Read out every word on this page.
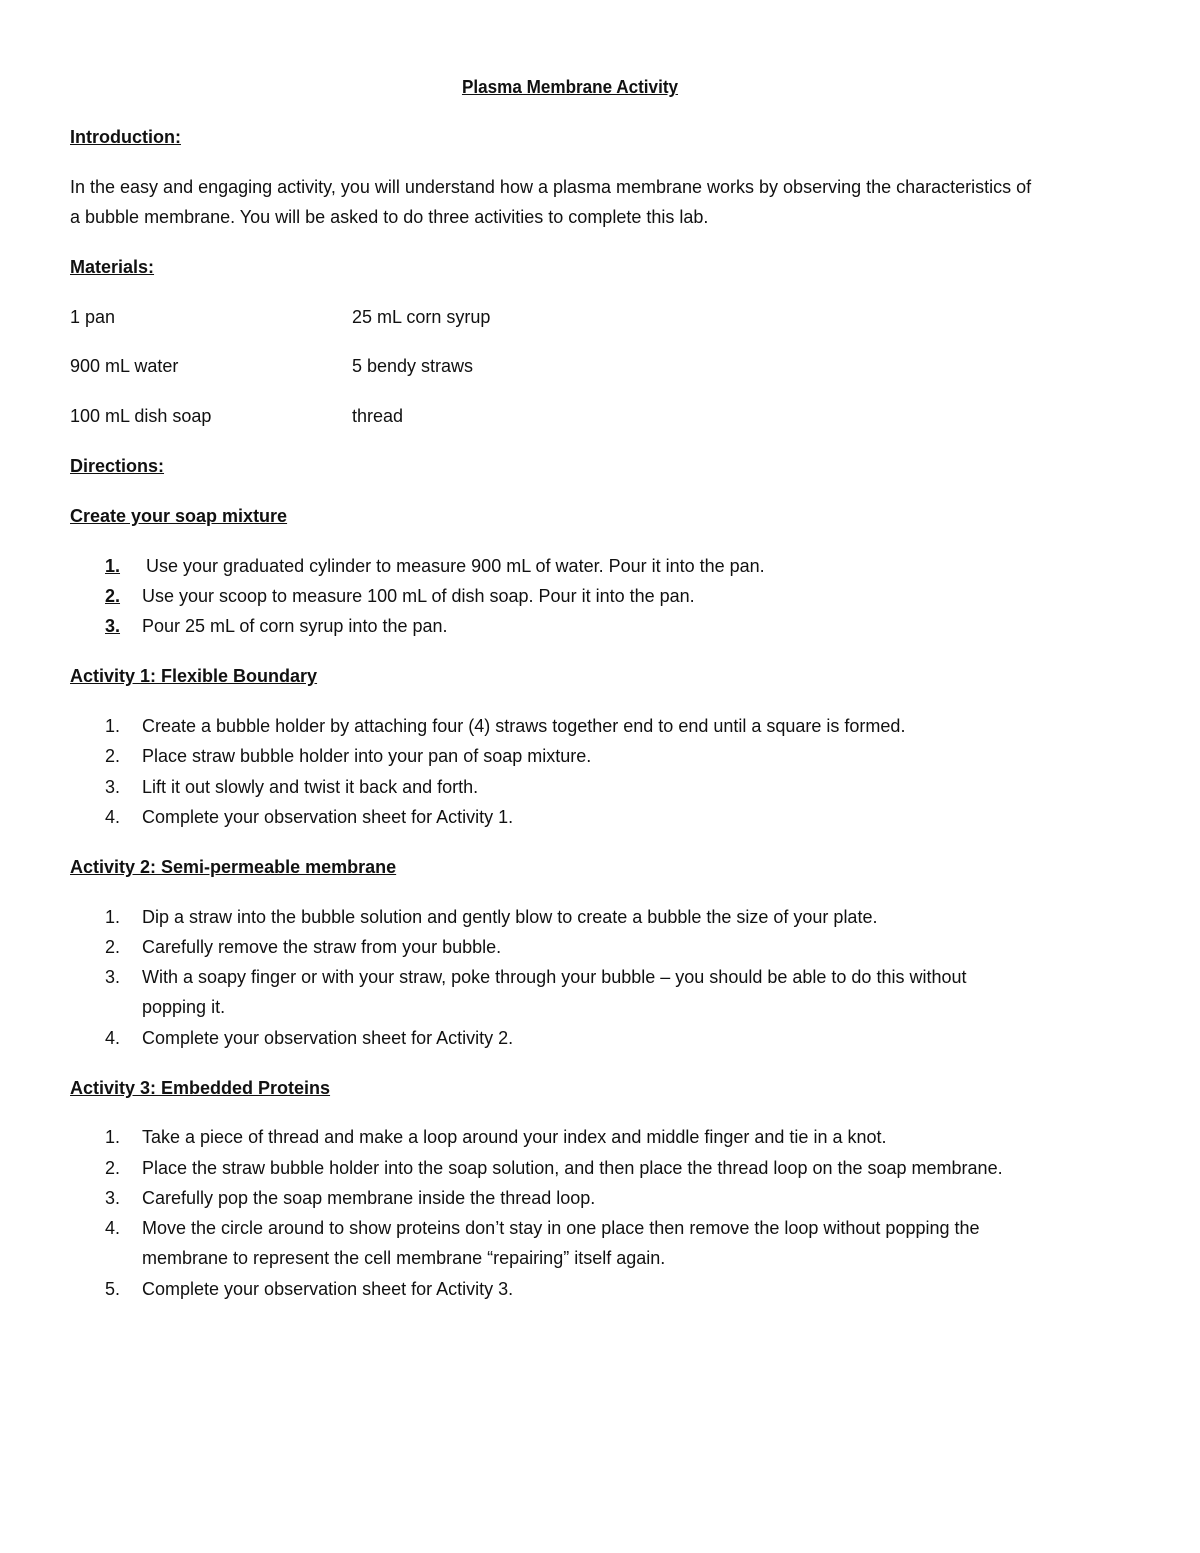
Plasma Membrane Activity
Introduction:
In the easy and engaging activity, you will understand how a plasma membrane works by observing the characteristics of
a bubble membrane. You will be asked to do three activities to complete this lab.
Materials:
1 pan	25 mL corn syrup
900 mL water	5 bendy straws
100 mL dish soap	thread
Directions:
Create your soap mixture
1.	Use your graduated cylinder to measure 900 mL of water. Pour it into the pan.
2.	Use your scoop to measure 100 mL of dish soap. Pour it into the pan.
3.	Pour 25 mL of corn syrup into the pan.
Activity 1: Flexible Boundary
1. Create a bubble holder by attaching four (4) straws together end to end until a square is formed.
2. Place straw bubble holder into your pan of soap mixture.
3. Lift it out slowly and twist it back and forth.
4. Complete your observation sheet for Activity 1.
Activity 2: Semi-permeable membrane
1. Dip a straw into the bubble solution and gently blow to create a bubble the size of your plate.
2. Carefully remove the straw from your bubble.
3. With a soapy finger or with your straw, poke through your bubble – you should be able to do this without
popping it.
4. Complete your observation sheet for Activity 2.
Activity 3: Embedded Proteins
1. Take a piece of thread and make a loop around your index and middle finger and tie in a knot.
2. Place the straw bubble holder into the soap solution, and then place the thread loop on the soap membrane.
3. Carefully pop the soap membrane inside the thread loop.
4. Move the circle around to show proteins don’t stay in one place then remove the loop without popping the
membrane to represent the cell membrane “repairing” itself again.
5. Complete your observation sheet for Activity 3.
